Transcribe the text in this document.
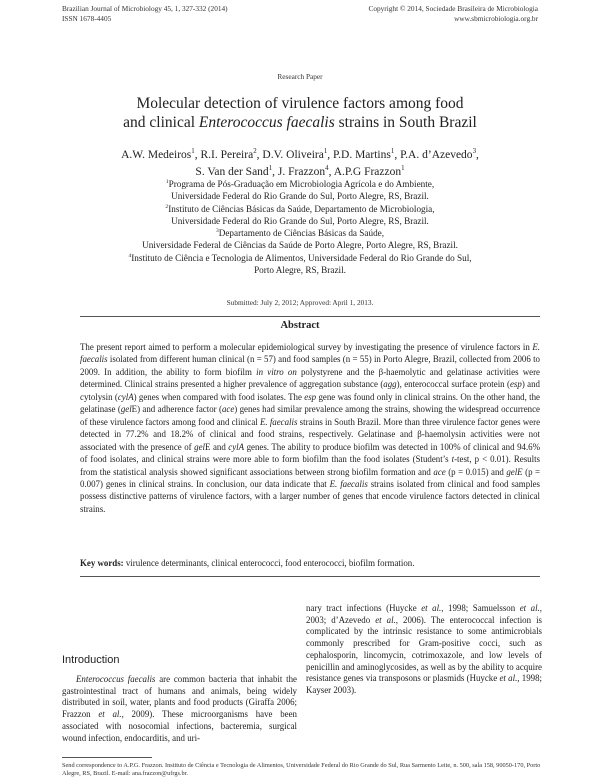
Brazilian Journal of Microbiology 45, 1, 327-332 (2014)
ISSN 1678-4405
Copyright © 2014, Sociedade Brasileira de Microbiologia
www.sbmicrobiologia.org.br
Research Paper
Molecular detection of virulence factors among food
and clinical Enterococcus faecalis strains in South Brazil
A.W. Medeiros$^1$, R.I. Pereira$^2$, D.V. Oliveira$^1$, P.D. Martins$^1$, P.A. d’Azevedo$^3$,
S. Van der Sand$^1$, J. Frazzon$^4$, A.P.G Frazzon$^1$
$^1$Programa de Pós-Graduação em Microbiologia Agrícola e do Ambiente,
Universidade Federal do Rio Grande do Sul, Porto Alegre, RS, Brazil.
$^2$Instituto de Ciências Básicas da Saúde, Departamento de Microbiologia,
Universidade Federal do Rio Grande do Sul, Porto Alegre, RS, Brazil.
$^3$Departamento de Ciências Básicas da Saúde,
Universidade Federal de Ciências da Saúde de Porto Alegre, Porto Alegre, RS, Brazil.
$^4$Instituto de Ciência e Tecnologia de Alimentos, Universidade Federal do Rio Grande do Sul,
Porto Alegre, RS, Brazil.
Submitted: July 2, 2012; Approved: April 1, 2013.
Abstract
The present report aimed to perform a molecular epidemiological survey by investigating the presence of virulence factors in E. faecalis isolated from different human clinical (n = 57) and food samples (n = 55) in Porto Alegre, Brazil, collected from 2006 to 2009. In addition, the ability to form biofilm in vitro on polystyrene and the β-haemolytic and gelatinase activities were determined. Clinical strains presented a higher prevalence of aggregation substance (agg), enterococcal surface protein (esp) and cytolysin (cylA) genes when compared with food isolates. The esp gene was found only in clinical strains. On the other hand, the gelatinase (gelE) and adherence factor (ace) genes had similar prevalence among the strains, showing the widespread occurrence of these virulence factors among food and clinical E. faecalis strains in South Brazil. More than three virulence factor genes were detected in 77.2% and 18.2% of clinical and food strains, respectively. Gelatinase and β-haemolysin activities were not associated with the presence of gelE and cylA genes. The ability to produce biofilm was detected in 100% of clinical and 94.6% of food isolates, and clinical strains were more able to form biofilm than the food isolates (Student’s t-test, p < 0.01). Results from the statistical analysis showed significant associations between strong biofilm formation and ace (p = 0.015) and gelE (p = 0.007) genes in clinical strains. In conclusion, our data indicate that E. faecalis strains isolated from clinical and food samples possess distinctive patterns of virulence factors, with a larger number of genes that encode virulence factors detected in clinical strains.
Key words: virulence determinants, clinical enterococci, food enterococci, biofilm formation.
Introduction
Enterococcus faecalis are common bacteria that inhabit the gastrointestinal tract of humans and animals, being widely distributed in soil, water, plants and food products (Giraffa 2006; Frazzon et al., 2009). These microorganisms have been associated with nosocomial infections, bacteremia, surgical wound infection, endocarditis, and uri-
nary tract infections (Huycke et al., 1998; Samuelsson et al., 2003; d’Azevedo et al., 2006). The enterococcal infection is complicated by the intrinsic resistance to some antimicrobials commonly prescribed for Gram-positive cocci, such as cephalosporin, lincomycin, cotrimoxazole, and low levels of penicillin and aminoglycosides, as well as by the ability to acquire resistance genes via transposons or plasmids (Huycke et al., 1998; Kayser 2003).
Send correspondence to A.P.G. Frazzon. Instituto de Ciência e Tecnologia de Alimentos, Universidade Federal do Rio Grande do Sul, Rua Sarmento Leite, n. 500, sala 158, 90050-170, Porto Alegre, RS, Brazil. E-mail: ana.frazzon@ufrgs.br.
